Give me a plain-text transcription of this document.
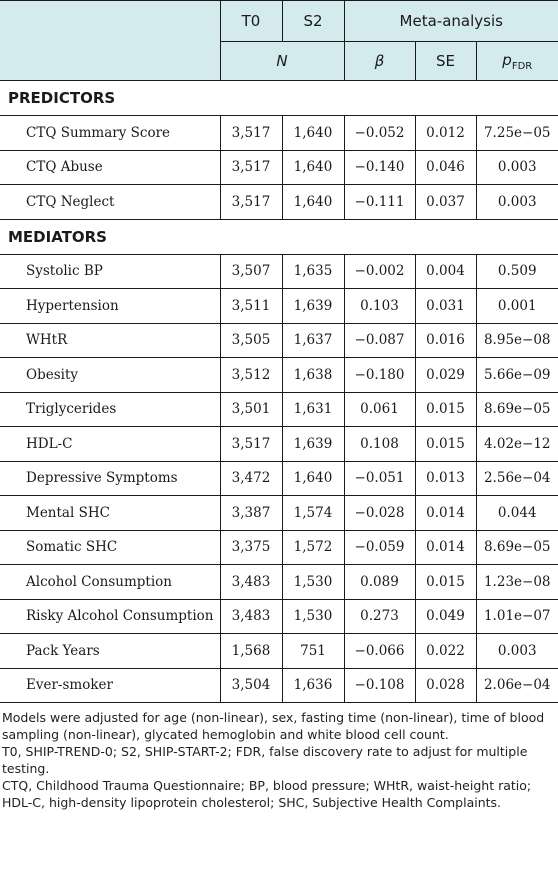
	T0	S2	Meta-analysis		
	N		β	SE	$p_{FDR}$
PREDICTORS					
CTQ Summary Score	3,517	1,640	−0.052	0.012	7.25e−05
CTQ Abuse	3,517	1,640	−0.140	0.046	0.003
CTQ Neglect	3,517	1,640	−0.111	0.037	0.003
MEDIATORS					
Systolic BP	3,507	1,635	−0.002	0.004	0.509
Hypertension	3,511	1,639	0.103	0.031	0.001
WHtR	3,505	1,637	−0.087	0.016	8.95e−08
Obesity	3,512	1,638	−0.180	0.029	5.66e−09
Triglycerides	3,501	1,631	0.061	0.015	8.69e−05
HDL-C	3,517	1,639	0.108	0.015	4.02e−12
Depressive Symptoms	3,472	1,640	−0.051	0.013	2.56e−04
Mental SHC	3,387	1,574	−0.028	0.014	0.044
Somatic SHC	3,375	1,572	−0.059	0.014	8.69e−05
Alcohol Consumption	3,483	1,530	0.089	0.015	1.23e−08
Risky Alcohol Consumption	3,483	1,530	0.273	0.049	1.01e−07
Pack Years	1,568	751	−0.066	0.022	0.003
Ever-smoker	3,504	1,636	−0.108	0.028	2.06e−04

Models were adjusted for age (non-linear), sex, fasting time (non-linear), time of blood sampling (non-linear), glycated hemoglobin and white blood cell count.

T0, SHIP-TREND-0; S2, SHIP-START-2; FDR, false discovery rate to adjust for multiple testing.

CTQ, Childhood Trauma Questionnaire; BP, blood pressure; WHtR, waist-height ratio; HDL-C, high-density lipoprotein cholesterol; SHC, Subjective Health Complaints.
